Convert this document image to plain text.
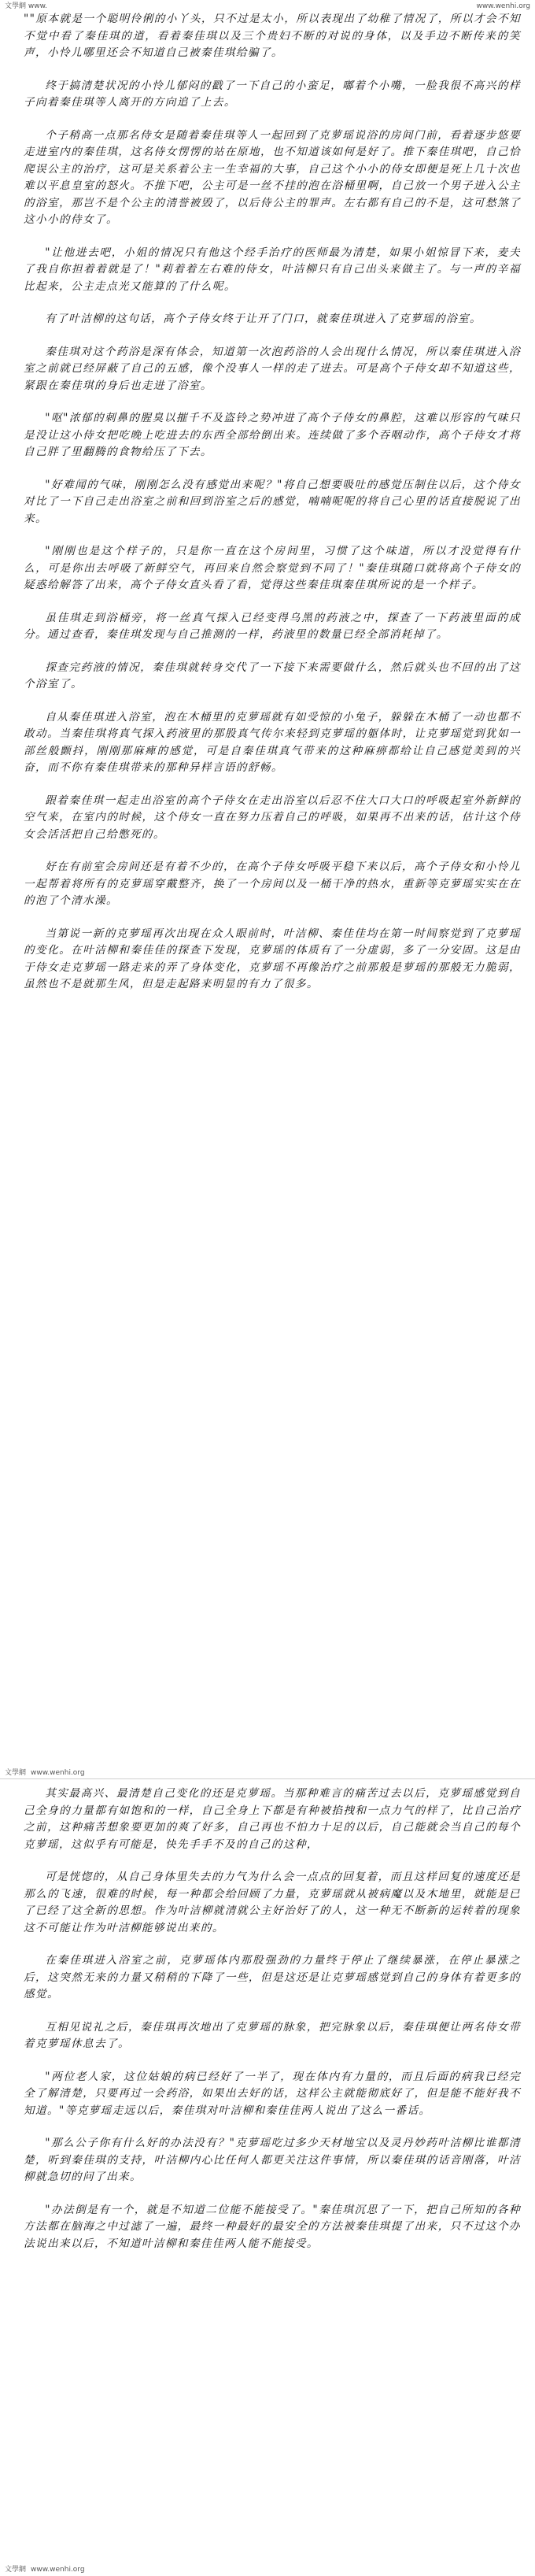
文學網 www.	www.wenhi.org

""原本就是一个聪明伶俐的小丫头，只不过是太小，所以表现出了幼稚了情况了，所以才会不知不觉中看了秦佳琪的道，看着秦佳琪以及三个贵妇不断的对说的身体，以及手边不断传来的笑声，小怜儿哪里还会不知道自己被秦佳琪给骗了。

终于搞清楚状况的小怜儿郁闷的戳了一下自己的小蛮足，嘟着个小嘴，一脸我很不高兴的样子向着秦佳琪等人离开的方向追了上去。

个子稍高一点那名侍女是随着秦佳琪等人一起回到了克萝瑶说浴的房间门前，看着逐步悠要走进室内的秦佳琪，这名侍女愣愣的站在原地，也不知道该如何是好了。推下秦佳琪吧，自己恰爬误公主的治疗，这可是关系着公主一生幸福的大事，自己这个小小的侍女即便是死上几十次也难以平息皇室的怒火。不推下吧，公主可是一丝不挂的泡在浴桶里啊，自己放一个男子进入公主的浴室，那岂不是个公主的清誉被毁了，以后侍公主的罪声。左右都有自己的不是，这可愁煞了这小小的侍女了。

"让他进去吧，小姐的情况只有他这个经手治疗的医师最为清楚，如果小姐惊冒下来，麦夫了我自你担着着就是了！"莉着着左右难的侍女，叶洁柳只有自己出头来做主了。与一声的辛福比起来，公主走点光又能算的了什么呢。

有了叶洁柳的这句话，高个子侍女终于让开了门口，就秦佳琪进入了克萝瑶的浴室。

秦佳琪对这个药浴是深有体会，知道第一次泡药浴的人会出现什么情况，所以秦佳琪进入浴室之前就已经屏蔽了自己的五感，像个没事人一样的走了进去。可是高个子侍女却不知道这些，紧跟在秦佳琪的身后也走进了浴室。

"呕"浓郁的刺鼻的腥臭以摧千不及盗铃之势冲进了高个子侍女的鼻腔，这难以形容的气味只是没让这小侍女把吃晚上吃进去的东西全部给倒出来。连续做了多个吞咽动作，高个子侍女才将自己胖了里翻腾的食物给压了下去。

"好难闻的气味，刚刚怎么没有感觉出来呢？"将自己想要吸吐的感觉压制住以后，这个侍女对比了一下自己走出浴室之前和回到浴室之后的感觉，喃喃呢呢的将自己心里的话直接脱说了出来。

"刚刚也是这个样子的，只是你一直在这个房间里，习惯了这个味道，所以才没觉得有什么，可是你出去呼吸了新鲜空气，再回来自然会察觉到不同了！"秦佳琪随口就将高个子侍女的疑惑给解答了出来，高个子侍女直头看了看，觉得这些秦佳琪秦佳琪所说的是一个样子。

虽佳琪走到浴桶旁，将一丝真气探入已经变得乌黑的药液之中，探查了一下药液里面的成分。通过查看，秦佳琪发现与自己推测的一样，药液里的数量已经全部消耗掉了。

探查完药液的情况，秦佳琪就转身交代了一下接下来需要做什么，然后就头也不回的出了这个浴室了。

自从秦佳琪进入浴室，泡在木桶里的克萝瑶就有如受惊的小兔子，躲躲在木桶了一动也都不敢动。当秦佳琪将真气探入药液里的那股真气传尔来轻到克萝瑶的躯体时，让克萝瑶觉到犹如一部丝般颤抖，刚刚那麻痺的感觉，可是自秦佳琪真气带来的这种麻痹都给让自己感觉美到的兴奋，而不你有秦佳琪带来的那种异样言语的舒畅。

跟着秦佳琪一起走出浴室的高个子侍女在走出浴室以后忍不住大口大口的呼吸起室外新鲜的空气来，在室内的时候，这个侍女一直在努力压着自己的呼吸，如果再不出来的话，估计这个侍女会活活把自己给憋死的。

好在有前室会房间还是有着不少的，在高个子侍女呼吸平稳下来以后，高个子侍女和小怜儿一起帮着将所有的克萝瑶穿戴整齐，换了一个房间以及一桶干净的热水，重新等克萝瑶实实在在的泡了个清水澡。

当第说一新的克萝瑶再次出现在众人眼前时，叶洁柳、秦佳佳均在第一时间察觉到了克萝瑶的变化。在叶洁柳和秦佳佳的探查下发现，克萝瑶的体质有了一分虚弱，多了一分安固。这是由于侍女走克萝瑶一路走来的弄了身体变化，克萝瑶不再像治疗之前那般是萝瑶的那般无力脆弱，虽然也不是就那生风，但是走起路来明显的有力了很多。

文學網 www.wenhi.org

其实最高兴、最清楚自己变化的还是克萝瑶。当那种难言的痛苦过去以后，克萝瑶感觉到自己全身的力量都有如饱和的一样，自己全身上下都是有种被掐拽和一点力气的样了，比自己治疗之前，这种痛苦想象要更加的爽了好多，自己再也不怕力十足的以后，自己能就会当自己的每个克萝瑶，这似乎有可能是，快先手手不及的自己的这种，

可是恍惚的，从自己身体里失去的力气为什么会一点点的回复着，而且这样回复的速度还是那么的飞速，很难的时候，每一种都会给回顾了力量，克萝瑶就从被病魔以及木地里，就能是已了已经了这全新的思想。作为叶洁柳就清就公主好治好了的人，这一种无不断新的运转着的现象这不可能让作为叶洁柳能够说出来的。

在秦佳琪进入浴室之前，克萝瑶体内那股强劲的力量终于停止了继续暴涨，在停止暴涨之后，这突然无来的力量又稍稍的下降了一些，但是这还是让克萝瑶感觉到自己的身体有着更多的感觉。

互相见说礼之后，秦佳琪再次地出了克萝瑶的脉象，把完脉象以后，秦佳琪便让两名侍女带着克萝瑶休息去了。

"两位老人家，这位姑娘的病已经好了一半了，现在体内有力量的，而且后面的病我已经完全了解清楚，只要再过一会药浴，如果出去好的话，这样公主就能彻底好了，但是能不能好我不知道。"等克萝瑶走远以后，秦佳琪对叶洁柳和秦佳佳两人说出了这么一番话。

"那么公子你有什么好的办法没有？"克萝瑶吃过多少天材地宝以及灵丹妙药叶洁柳比谁都清楚，听到秦佳琪的支持，叶洁柳内心比任何人都更关注这件事情，所以秦佳琪的话音刚落，叶洁柳就急切的问了出来。

"办法倒是有一个，就是不知道二位能不能接受了。"秦佳琪沉思了一下，把自己所知的各种方法都在脑海之中过滤了一遍，最终一种最好的最安全的方法被秦佳琪提了出来，只不过这个办法说出来以后，不知道叶洁柳和秦佳佳两人能不能接受。

文學網 www.wenhi.org
